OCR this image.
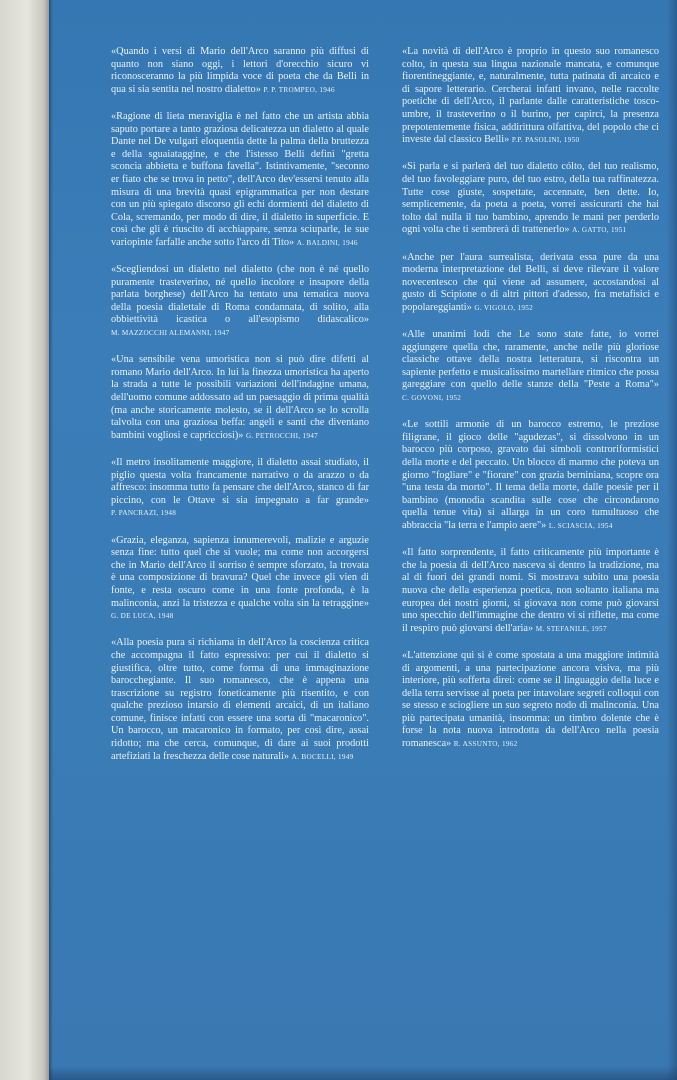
«Quando i versi di Mario dell'Arco saranno più diffusi di quanto non siano oggi, i lettori d'orecchio sicuro vi riconosceranno la più limpida voce di poeta che da Belli in qua si sia sentita nel nostro dialetto» P. P. TROMPEO, 1946

«Ragione di lieta meraviglia è nel fatto che un artista abbia saputo portare a tanto graziosa delicatezza un dialetto al quale Dante nel De vulgari eloquentia dette la palma della bruttezza e della sguaiataggine, e che l'istesso Belli definì "gretta sconcia abbietta e buffona favella". Istintivamente, "seconno er fiato che se trova in petto", dell'Arco dev'essersi tenuto alla misura di una brevità quasi epigrammatica per non destare con un più spiegato discorso gli echi dormienti del dialetto di Cola, scremando, per modo di dire, il dialetto in superficie. E così che gli è riuscito di acchiappare, senza sciuparle, le sue variopinte farfalle anche sotto l'arco di Tito» A. BALDINI, 1946

«Scegliendosi un dialetto nel dialetto (che non è né quello puramente trasteverino, né quello incolore e insapore della parlata borghese) dell'Arco ha tentato una tematica nuova della poesia dialettale di Roma condannata, di solito, alla obbiettività icastica o all'esopismo didascalico» M. MAZZOCCHI ALEMANNI, 1947

«Una sensibile vena umoristica non si può dire difetti al romano Mario dell'Arco. In lui la finezza umoristica ha aperto la strada a tutte le possibili variazioni dell'indagine umana, dell'uomo comune addossato ad un paesaggio di prima qualità (ma anche storicamente molesto, se il dell'Arco se lo scrolla talvolta con una graziosa beffa: angeli e santi che diventano bambini vogliosi e capricciosi)» G. PETROCCHI, 1947

«Il metro insolitamente maggiore, il dialetto assai studiato, il piglio questa volta francamente narrativo o da arazzo o da affresco: insomma tutto fa pensare che dell'Arco, stanco di far piccino, con le Ottave si sia impegnato a far grande» P. PANCRAZI, 1948

«Grazia, eleganza, sapienza innumerevoli, malizie e arguzie senza fine: tutto quel che si vuole; ma come non accorgersi che in Mario dell'Arco il sorriso è sempre sforzato, la trovata è una composizione di bravura? Quel che invece gli vien di fonte, e resta oscuro come in una fonte profonda, è la malinconia, anzi la tristezza e qualche volta sin la tetraggine» G. DE LUCA, 1948

«Alla poesia pura si richiama in dell'Arco la coscienza critica che accompagna il fatto espressivo: per cui il dialetto si giustifica, oltre tutto, come forma di una immaginazione barocchegiante. Il suo romanesco, che è appena una trascrizione su registro foneticamente più risentito, e con qualche prezioso intarsio di elementi arcaici, di un italiano comune, finisce infatti con essere una sorta di "macaronico". Un barocco, un macaronico in formato, per così dire, assai ridotto; ma che cerca, comunque, di dare ai suoi prodotti artefiziati la freschezza delle cose naturali» A. BOCELLI, 1949

«La novità di dell'Arco è proprio in questo suo romanesco colto, in questa sua lingua nazionale mancata, e comunque fiorentineggiante, e, naturalmente, tutta patinata di arcaico e di sapore letterario. Cercherai infatti invano, nelle raccolte poetiche di dell'Arco, il parlante dalle caratteristiche tosco-umbre, il trasteverino o il burino, per capirci, la presenza prepotentemente fisica, addirittura olfattiva, del popolo che ci investe dal classico Belli» P.P. PASOLINI, 1950

«Si parla e si parlerà del tuo dialetto cólto, del tuo realismo, del tuo favoleggiare puro, del tuo estro, della tua raffinatezza. Tutte cose giuste, sospettate, accennate, ben dette. Io, semplicemente, da poeta a poeta, vorrei assicurarti che hai tolto dal nulla il tuo bambino, aprendo le mani per perderlo ogni volta che ti sembrerà di trattenerlo» A. GATTO, 1951

«Anche per l'aura surrealista, derivata essa pure da una moderna interpretazione del Belli, si deve rilevare il valore novecentesco che qui viene ad assumere, accostandosi al gusto di Scipione o di altri pittori d'adesso, fra metafisici e popolareggianti» G. VIGOLO, 1952

«Alle unanimi lodi che Le sono state fatte, io vorrei aggiungere quella che, raramente, anche nelle più gloriose classiche ottave della nostra letteratura, si riscontra un sapiente perfetto e musicalissimo martellare ritmico che possa gareggiare con quello delle stanze della "Peste a Roma"» C. GOVONI, 1952

«Le sottili armonie di un barocco estremo, le preziose filigrane, il gioco delle "agudezas", si dissolvono in un barocco più corposo, gravato dai simboli controriformistici della morte e del peccato. Un blocco di marmo che poteva un giorno "fogliare" e "fiorare" con grazia berniniana, scopre ora "una testa da morto". Il tema della morte, dalle poesie per il bambino (monodia scandita sulle cose che circondarono quella tenue vita) si allarga in un coro tumultuoso che abbraccia "la terra e l'ampio aere"» L. SCIASCIA, 1954

«Il fatto sorprendente, il fatto criticamente più importante è che la poesia di dell'Arco nasceva sì dentro la tradizione, ma al di fuori dei grandi nomi. Si mostrava subito una poesia nuova che della esperienza poetica, non soltanto italiana ma europea dei nostri giorni, si giovava non come può giovarsi uno specchio dell'immagine che dentro vi si riflette, ma come il respiro può giovarsi dell'aria» M. STEFANILE, 1957

«L'attenzione qui si è come spostata a una maggiore intimità di argomenti, a una partecipazione ancora visiva, ma più interiore, più sofferta direi: come se il linguaggio della luce e della terra servisse al poeta per intavolare segreti colloqui con se stesso e sciogliere un suo segreto nodo di malinconia. Una più partecipata umanità, insomma: un timbro dolente che è forse la nota nuova introdotta da dell'Arco nella poesia romanesca» R. ASSUNTO, 1962
